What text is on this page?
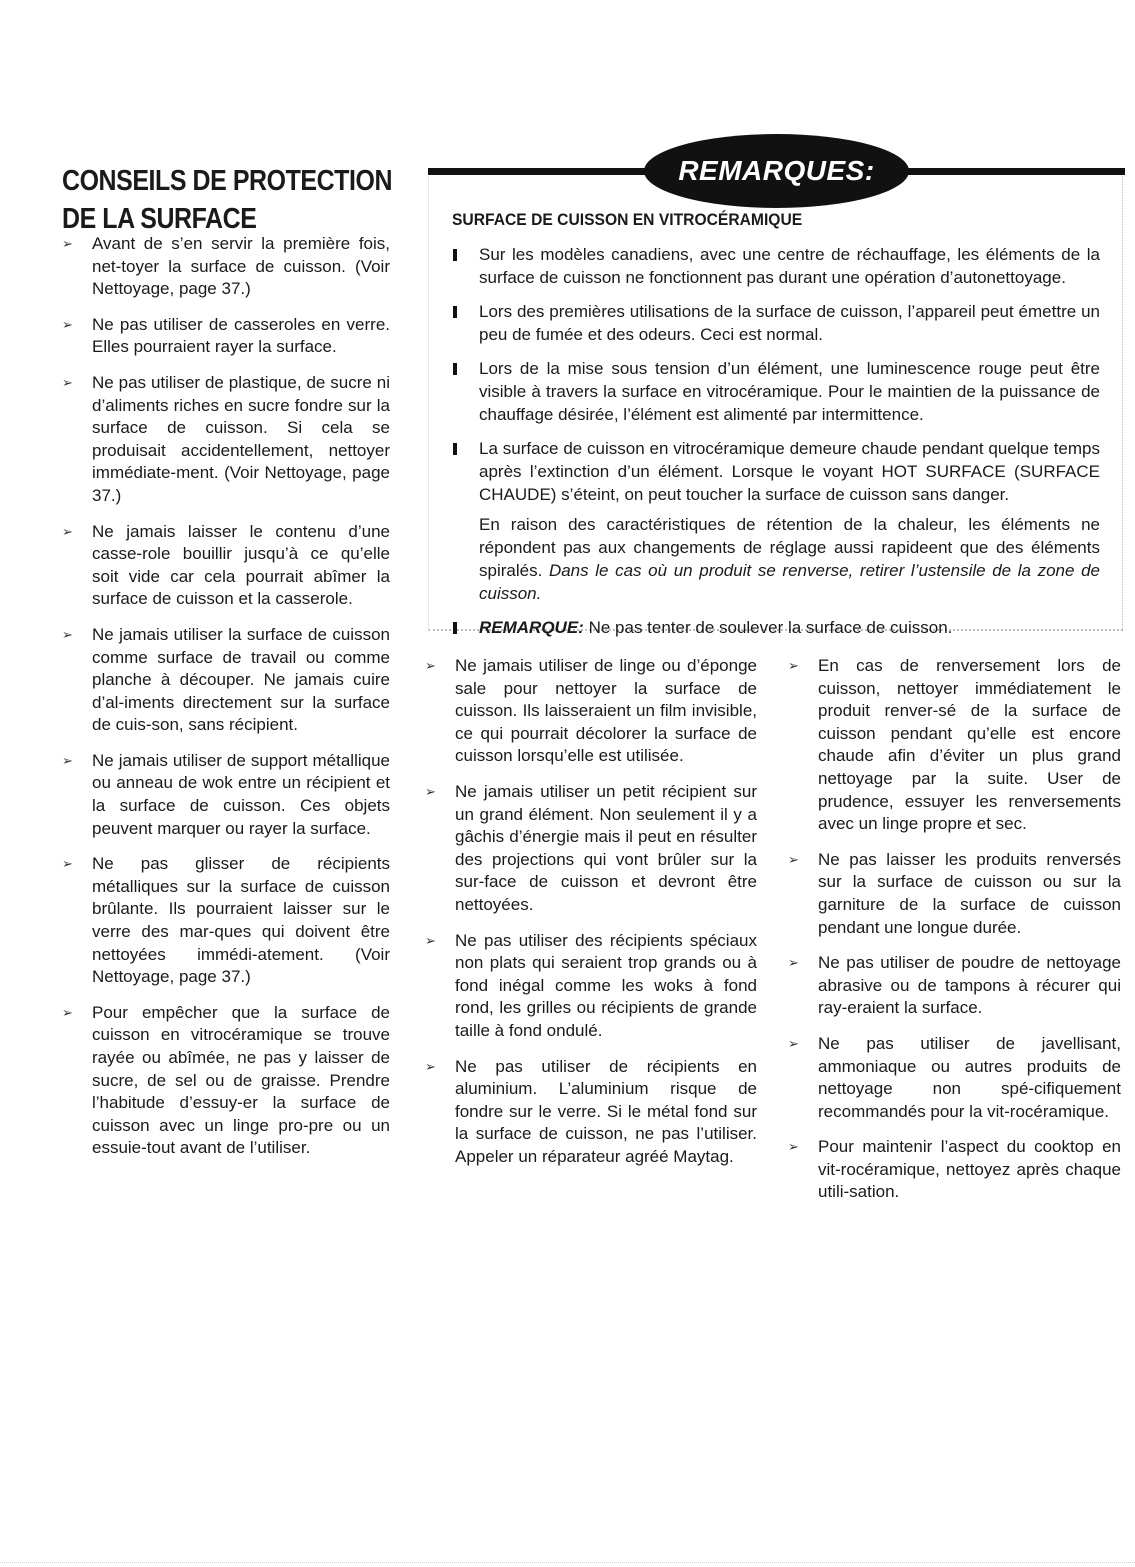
CONSEILS DE PROTECTION
DE LA SURFACE
➢ Avant de s’en servir la première fois, net-toyer la surface de cuisson. (Voir Nettoyage, page 37.)
➢ Ne pas utiliser de casseroles en verre. Elles pourraient rayer la surface.
➢ Ne pas utiliser de plastique, de sucre ni d’aliments riches en sucre fondre sur la surface de cuisson. Si cela se produisait accidentellement, nettoyer immédiate-ment. (Voir Nettoyage, page 37.)
➢ Ne jamais laisser le contenu d’une casse-role bouillir jusqu’à ce qu’elle soit vide car cela pourrait abîmer la surface de cuisson et la casserole.
➢ Ne jamais utiliser la surface de cuisson comme surface de travail ou comme planche à découper. Ne jamais cuire d’al-iments directement sur la surface de cuis-son, sans récipient.
➢ Ne jamais utiliser de support métallique ou anneau de wok entre un récipient et la surface de cuisson. Ces objets peuvent marquer ou rayer la surface.
➢ Ne pas glisser de récipients métalliques sur la surface de cuisson brûlante. Ils pourraient laisser sur le verre des mar-ques qui doivent être nettoyées immédi-atement. (Voir Nettoyage, page 37.)
➢ Pour empêcher que la surface de cuisson en vitrocéramique se trouve rayée ou abîmée, ne pas y laisser de sucre, de sel ou de graisse. Prendre l’habitude d’essuy-er la surface de cuisson avec un linge pro-pre ou un essuie-tout avant de l’utiliser.
REMARQUES:
SURFACE DE CUISSON EN VITROCÉRAMIQUE
Sur les modèles canadiens, avec une centre de réchauffage, les éléments de la surface de cuisson ne fonctionnent pas durant une opération d’autonettoyage.
Lors des premières utilisations de la surface de cuisson, l’appareil peut émettre un peu de fumée et des odeurs. Ceci est normal.
Lors de la mise sous tension d’un élément, une luminescence rouge peut être visible à travers la surface en vitrocéramique. Pour le maintien de la puissance de chauffage désirée, l’élément est alimenté par intermittence.
La surface de cuisson en vitrocéramique demeure chaude pendant quelque temps après l’extinction d’un élément. Lorsque le voyant HOT SURFACE (SURFACE CHAUDE) s’éteint, on peut toucher la surface de cuisson sans danger.
En raison des caractéristiques de rétention de la chaleur, les éléments ne répondent pas aux changements de réglage aussi rapideent que des éléments spiralés. Dans le cas où un produit se renverse, retirer l’ustensile de la zone de cuisson.
REMARQUE: Ne pas tenter de soulever la surface de cuisson.
➢ Ne jamais utiliser de linge ou d’éponge sale pour nettoyer la surface de cuisson. Ils laisseraient un film invisible, ce qui pourrait décolorer la surface de cuisson lorsqu’elle est utilisée.
➢ Ne jamais utiliser un petit récipient sur un grand élément. Non seulement il y a gâchis d’énergie mais il peut en résulter des projections qui vont brûler sur la sur-face de cuisson et devront être nettoyées.
➢ Ne pas utiliser des récipients spéciaux non plats qui seraient trop grands ou à fond inégal comme les woks à fond rond, les grilles ou récipients de grande taille à fond ondulé.
➢ Ne pas utiliser de récipients en aluminium. L’aluminium risque de fondre sur le verre. Si le métal fond sur la surface de cuisson, ne pas l’utiliser. Appeler un réparateur agréé Maytag.
➢ En cas de renversement lors de cuisson, nettoyer immédiatement le produit renver-sé de la surface de cuisson pendant qu’elle est encore chaude afin d’éviter un plus grand nettoyage par la suite. User de prudence, essuyer les renversements avec un linge propre et sec.
➢ Ne pas laisser les produits renversés sur la surface de cuisson ou sur la garniture de la surface de cuisson pendant une longue durée.
➢ Ne pas utiliser de poudre de nettoyage abrasive ou de tampons à récurer qui ray-eraient la surface.
➢ Ne pas utiliser de javellisant, ammoniaque ou autres produits de nettoyage non spé-cifiquement recommandés pour la vit-rocéramique.
➢ Pour maintenir l’aspect du cooktop en vit-rocéramique, nettoyez après chaque utili-sation.
